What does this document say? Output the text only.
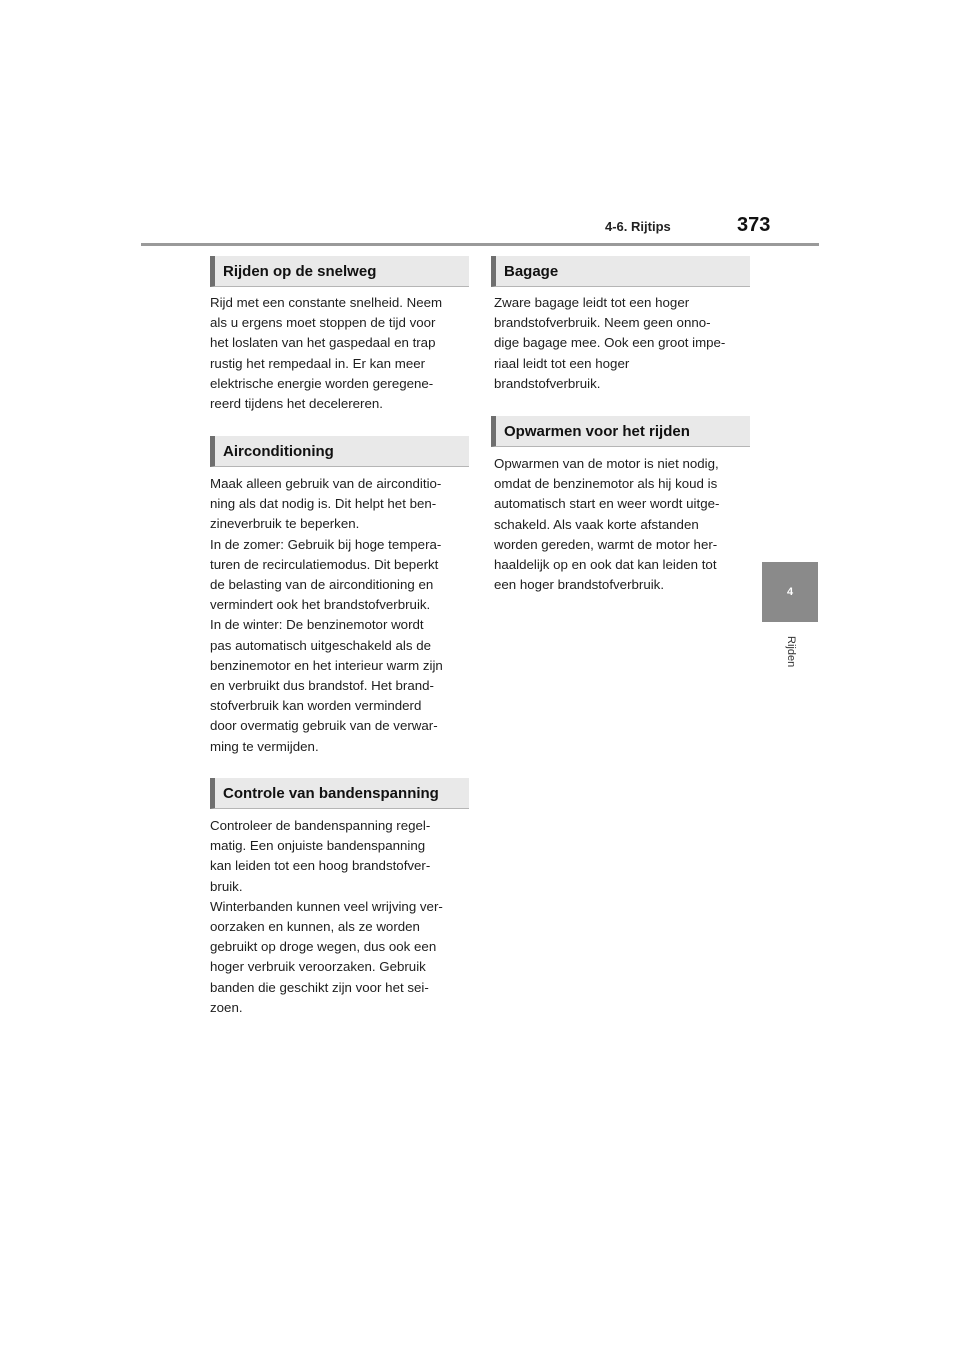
4-6. Rijtips	373
4
Rijden
Rijden op de snelweg

Rijd met een constante snelheid. Neem
als u ergens moet stoppen de tijd voor
het loslaten van het gaspedaal en trap
rustig het rempedaal in. Er kan meer
elektrische energie worden geregene-
reerd tijdens het decelereren.

Airconditioning

Maak alleen gebruik van de airconditio-
ning als dat nodig is. Dit helpt het ben-
zineverbruik te beperken.
In de zomer: Gebruik bij hoge tempera-
turen de recirculatiemodus. Dit beperkt
de belasting van de airconditioning en
vermindert ook het brandstofverbruik.
In de winter: De benzinemotor wordt
pas automatisch uitgeschakeld als de
benzinemotor en het interieur warm zijn
en verbruikt dus brandstof. Het brand-
stofverbruik kan worden verminderd
door overmatig gebruik van de verwar-
ming te vermijden.

Controle van bandenspanning

Controleer de bandenspanning regel-
matig. Een onjuiste bandenspanning
kan leiden tot een hoog brandstofver-
bruik.
Winterbanden kunnen veel wrijving ver-
oorzaken en kunnen, als ze worden
gebruikt op droge wegen, dus ook een
hoger verbruik veroorzaken. Gebruik
banden die geschikt zijn voor het sei-
zoen.

Bagage

Zware bagage leidt tot een hoger
brandstofverbruik. Neem geen onno-
dige bagage mee. Ook een groot impe-
riaal leidt tot een hoger
brandstofverbruik.

Opwarmen voor het rijden

Opwarmen van de motor is niet nodig,
omdat de benzinemotor als hij koud is
automatisch start en weer wordt uitge-
schakeld. Als vaak korte afstanden
worden gereden, warmt de motor her-
haaldelijk op en ook dat kan leiden tot
een hoger brandstofverbruik.
